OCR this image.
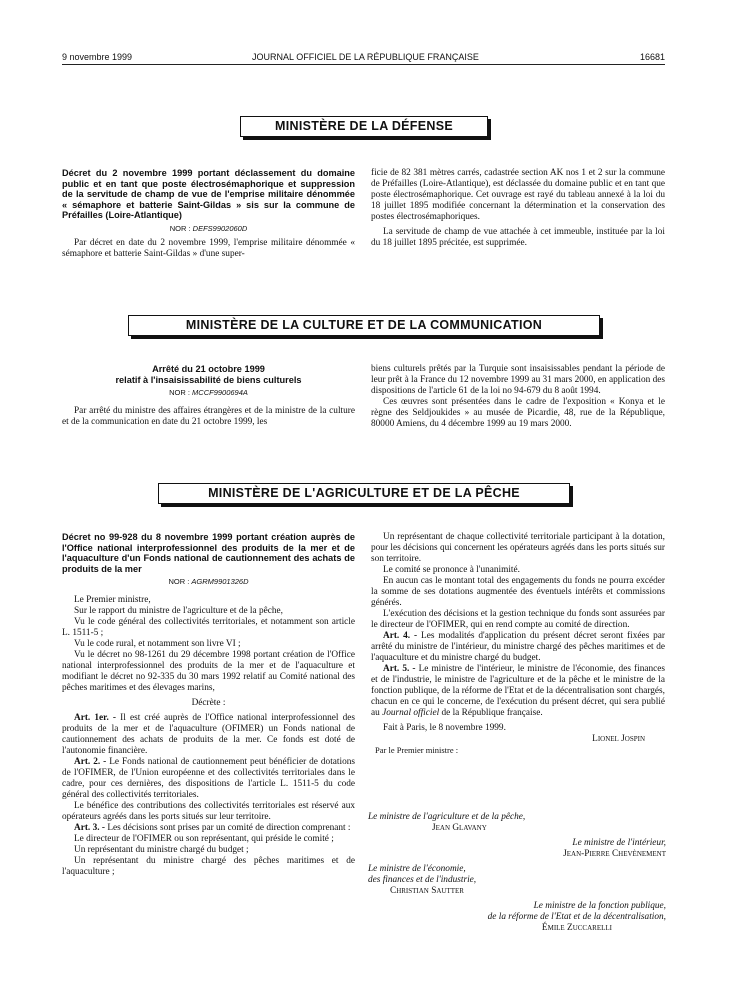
9 novembre 1999	JOURNAL OFFICIEL DE LA RÉPUBLIQUE FRANÇAISE	16681
MINISTÈRE DE LA DÉFENSE

Décret du 2 novembre 1999 portant déclassement du domaine public et en tant que poste électrosémaphorique et suppression de la servitude de champ de vue de l'emprise militaire dénommée « sémaphore et batterie Saint-Gildas » sis sur la commune de Préfailles (Loire-Atlantique)

NOR : DEFS9902060D

Par décret en date du 2 novembre 1999, l'emprise militaire dénommée « sémaphore et batterie Saint-Gildas » d'une super-

ficie de 82 381 mètres carrés, cadastrée section AK nos 1 et 2 sur la commune de Préfailles (Loire-Atlantique), est déclassée du domaine public et en tant que poste électrosémaphorique. Cet ouvrage est rayé du tableau annexé à la loi du 18 juillet 1895 modifiée concernant la détermination et la conservation des postes électrosémaphoriques.

La servitude de champ de vue attachée à cet immeuble, instituée par la loi du 18 juillet 1895 précitée, est supprimée.

MINISTÈRE DE LA CULTURE ET DE LA COMMUNICATION

Arrêté du 21 octobre 1999

relatif à l'insaisissabilité de biens culturels

NOR : MCCF9900694A

Par arrêté du ministre des affaires étrangères et de la ministre de la culture et de la communication en date du 21 octobre 1999, les

biens culturels prêtés par la Turquie sont insaisissables pendant la période de leur prêt à la France du 12 novembre 1999 au 31 mars 2000, en application des dispositions de l'article 61 de la loi no 94-679 du 8 août 1994.

Ces œuvres sont présentées dans le cadre de l'exposition « Konya et le règne des Seldjoukides » au musée de Picardie, 48, rue de la République, 80000 Amiens, du 4 décembre 1999 au 19 mars 2000.

MINISTÈRE DE L'AGRICULTURE ET DE LA PÊCHE

Décret no 99-928 du 8 novembre 1999 portant création auprès de l'Office national interprofessionnel des produits de la mer et de l'aquaculture d'un Fonds national de cautionnement des achats de produits de la mer

NOR : AGRM9901326D

Le Premier ministre,

Sur le rapport du ministre de l'agriculture et de la pêche,

Vu le code général des collectivités territoriales, et notamment son article L. 1511-5 ;

Vu le code rural, et notamment son livre VI ;

Vu le décret no 98-1261 du 29 décembre 1998 portant création de l'Office national interprofessionnel des produits de la mer et de l'aquaculture et modifiant le décret no 92-335 du 30 mars 1992 relatif au Comité national des pêches maritimes et des élevages marins,

Décrète :

Art. 1er. - Il est créé auprès de l'Office national interprofessionnel des produits de la mer et de l'aquaculture (OFIMER) un Fonds national de cautionnement des achats de produits de la mer. Ce fonds est doté de l'autonomie financière.

Art. 2. - Le Fonds national de cautionnement peut bénéficier de dotations de l'OFIMER, de l'Union européenne et des collectivités territoriales dans le cadre, pour ces dernières, des dispositions de l'article L. 1511-5 du code général des collectivités territoriales.

Le bénéfice des contributions des collectivités territoriales est réservé aux opérateurs agréés dans les ports situés sur leur territoire.

Art. 3. - Les décisions sont prises par un comité de direction comprenant :

Le directeur de l'OFIMER ou son représentant, qui préside le comité ;

Un représentant du ministre chargé du budget ;

Un représentant du ministre chargé des pêches maritimes et de l'aquaculture ;

Un représentant de chaque collectivité territoriale participant à la dotation, pour les décisions qui concernent les opérateurs agréés dans les ports situés sur son territoire.

Le comité se prononce à l'unanimité.

En aucun cas le montant total des engagements du fonds ne pourra excéder la somme de ses dotations augmentée des éventuels intérêts et commissions générés.

L'exécution des décisions et la gestion technique du fonds sont assurées par le directeur de l'OFIMER, qui en rend compte au comité de direction.

Art. 4. - Les modalités d'application du présent décret seront fixées par arrêté du ministre de l'intérieur, du ministre chargé des pêches maritimes et de l'aquaculture et du ministre chargé du budget.

Art. 5. - Le ministre de l'intérieur, le ministre de l'économie, des finances et de l'industrie, le ministre de l'agriculture et de la pêche et le ministre de la fonction publique, de la réforme de l'Etat et de la décentralisation sont chargés, chacun en ce qui le concerne, de l'exécution du présent décret, qui sera publié au Journal officiel de la République française.

Fait à Paris, le 8 novembre 1999.

Lionel Jospin

Par le Premier ministre :

Le ministre de l'agriculture et de la pêche,

Jean Glavany

Le ministre de l'intérieur,

Jean-Pierre Chevènement

Le ministre de l'économie,

des finances et de l'industrie,

Christian Sautter

Le ministre de la fonction publique,

de la réforme de l'Etat et de la décentralisation,

Émile Zuccarelli
